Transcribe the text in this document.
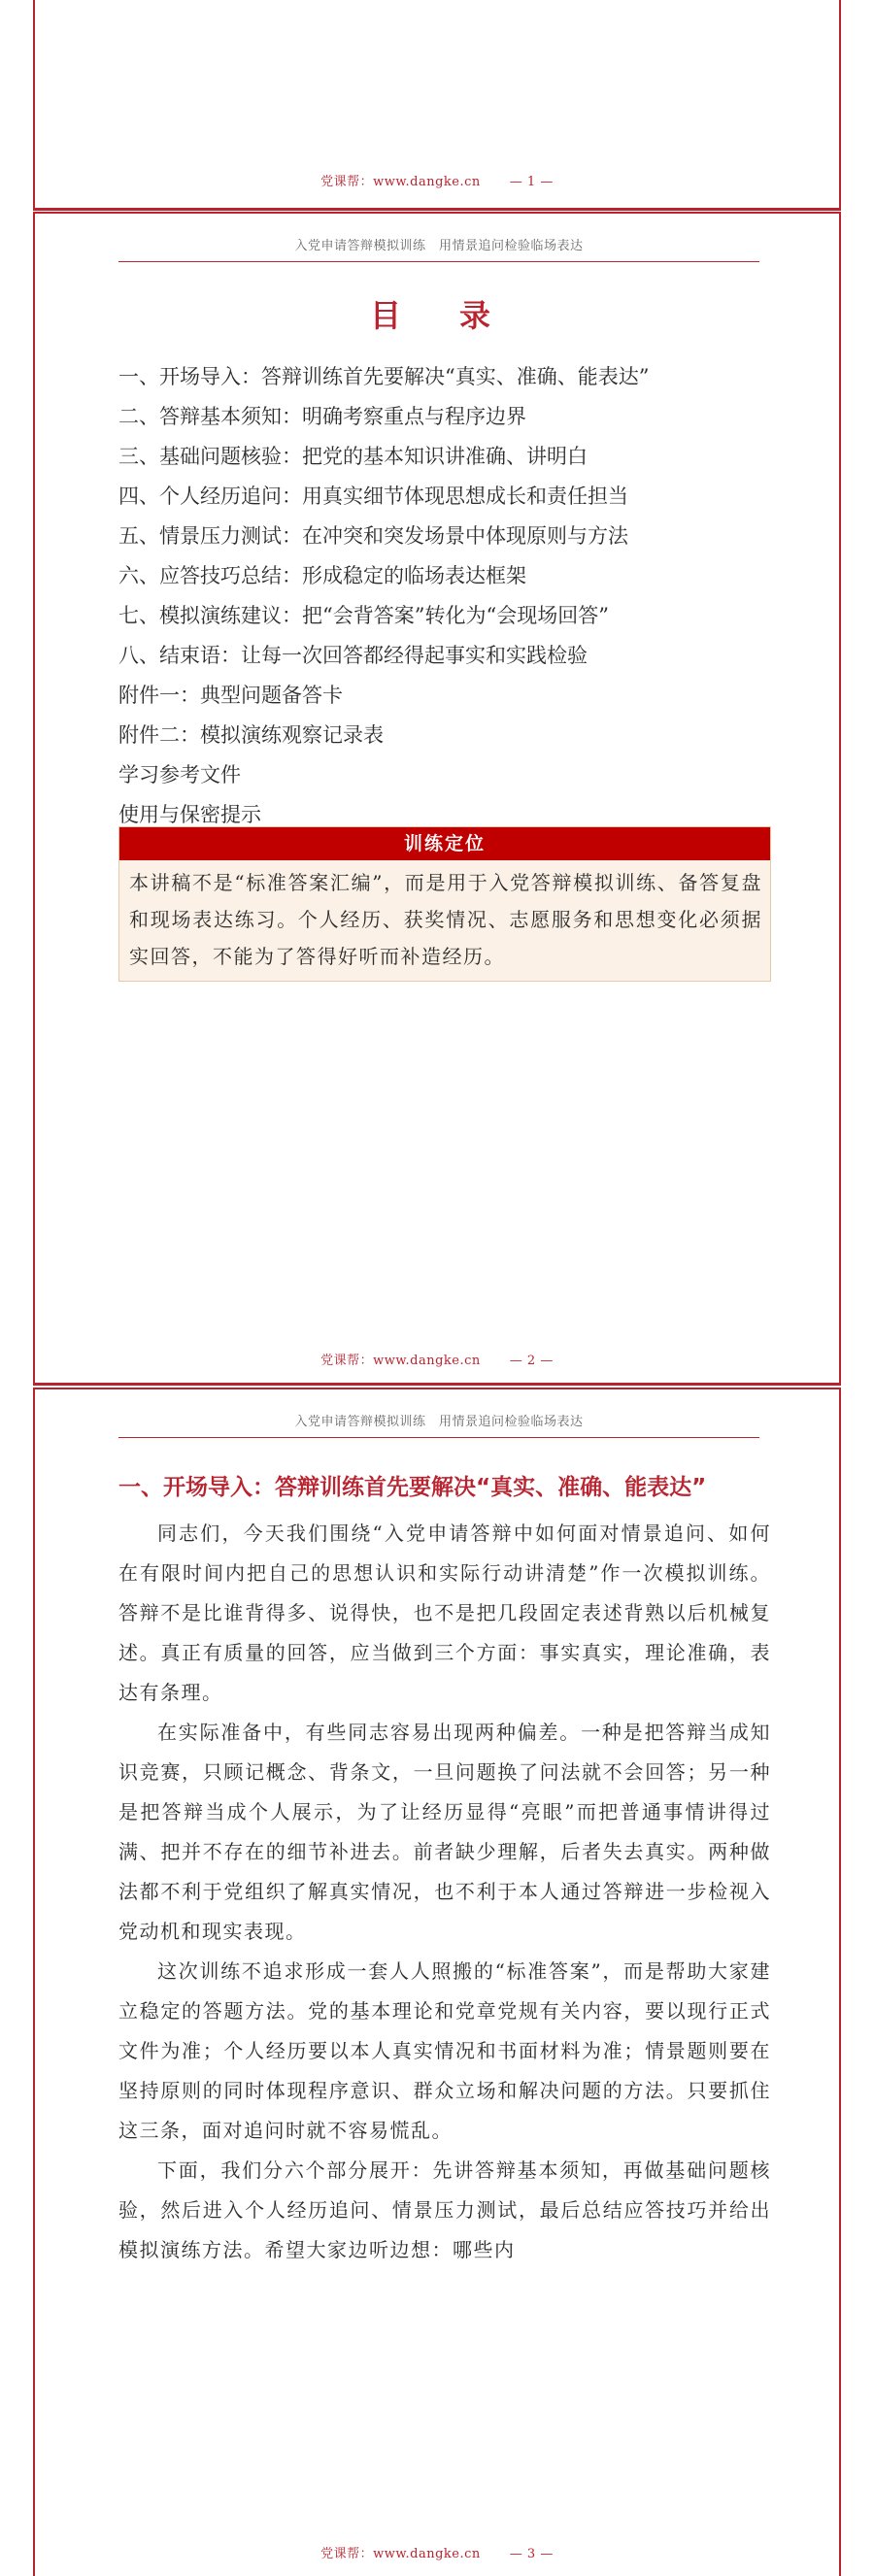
党课帮：www.dangke.cn — 1 —
入党申请答辩模拟训练　用情景追问检验临场表达
目　录
一、开场导入：答辩训练首先要解决“真实、准确、能表达”
二、答辩基本须知：明确考察重点与程序边界
三、基础问题核验：把党的基本知识讲准确、讲明白
四、个人经历追问：用真实细节体现思想成长和责任担当
五、情景压力测试：在冲突和突发场景中体现原则与方法
六、应答技巧总结：形成稳定的临场表达框架
七、模拟演练建议：把“会背答案”转化为“会现场回答”
八、结束语：让每一次回答都经得起事实和实践检验
附件一：典型问题备答卡
附件二：模拟演练观察记录表
学习参考文件
使用与保密提示
训练定位

本讲稿不是“标准答案汇编”，而是用于入党答辩模拟训练、备答复盘和现场表达练习。个人经历、获奖情况、志愿服务和思想变化必须据实回答，不能为了答得好听而补造经历。

党课帮：www.dangke.cn — 2 —
入党申请答辩模拟训练　用情景追问检验临场表达
一、开场导入：答辩训练首先要解决“真实、准确、能表达”

同志们，今天我们围绕“入党申请答辩中如何面对情景追问、如何在有限时间内把自己的思想认识和实际行动讲清楚”作一次模拟训练。答辩不是比谁背得多、说得快，也不是把几段固定表述背熟以后机械复述。真正有质量的回答，应当做到三个方面：事实真实，理论准确，表达有条理。

在实际准备中，有些同志容易出现两种偏差。一种是把答辩当成知识竞赛，只顾记概念、背条文，一旦问题换了问法就不会回答；另一种是把答辩当成个人展示，为了让经历显得“亮眼”而把普通事情讲得过满、把并不存在的细节补进去。前者缺少理解，后者失去真实。两种做法都不利于党组织了解真实情况，也不利于本人通过答辩进一步检视入党动机和现实表现。

这次训练不追求形成一套人人照搬的“标准答案”，而是帮助大家建立稳定的答题方法。党的基本理论和党章党规有关内容，要以现行正式文件为准；个人经历要以本人真实情况和书面材料为准；情景题则要在坚持原则的同时体现程序意识、群众立场和解决问题的方法。只要抓住这三条，面对追问时就不容易慌乱。

下面，我们分六个部分展开：先讲答辩基本须知，再做基础问题核验，然后进入个人经历追问、情景压力测试，最后总结应答技巧并给出模拟演练方法。希望大家边听边想：哪些内

党课帮：www.dangke.cn — 3 —
